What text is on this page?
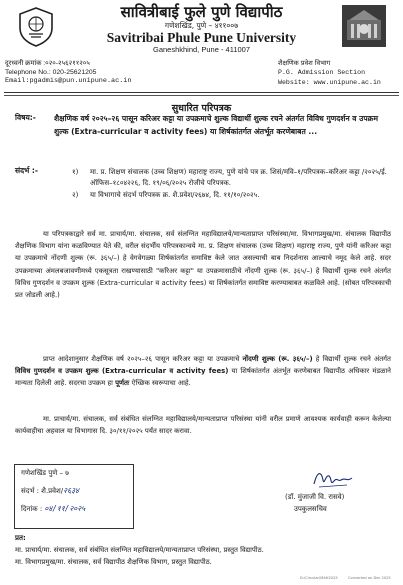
सावित्रीबाई फुले पुणे विद्यापीठ
गणेशखिंड, पुणे – ४११००७
Savitribai Phule Pune University
Ganeshkhind, Pune - 411007
दूरध्वनी क्रमांक :०२०-२५६२११२०५
Telephone No.: 020-25621205
Email:pgadmis@pun.unipune.ac.in
शैक्षणिक प्रवेश विभाग
P.G. Admission Section
Website: www.unipune.ac.in
सुधारित परिपत्रक
विषय:- शैक्षणिक वर्ष २०२५–२६ पासून करिअर कट्टा या उपक्रमाचे शुल्क विद्यार्थी शुल्क रचने अंतर्गत विविध गुणदर्शन व उपक्रम शुल्क (Extra-curricular व activity fees) या शिर्षकांतर्गत अंतर्भूत करणेबाबत ...
संदर्भ :-	१) मा. प्र. शिक्षण संचालक (उच्च शिक्षण) महाराष्ट्र राज्य, पुणे यांचे पत्र क्र. शिसं/मवि–१/परिपत्रक–करिअर कट्टा /२०२५/ई. ऑफिस–१८०४२२६, दि. १९/०६/२०२५ रोजीचे परिपत्रक.
२) या विभागाचे संदर्भ परिपत्रक क्र. शै.प्रवेश/२६७४, दि. ११/१०/२०२५.
या परिपत्रकाद्वारे सर्व मा. प्राचार्य/मा. संचालक, सर्व संलग्नित महाविद्यालये/मान्यताप्राप्त परिसंस्था/मा. विभागप्रमुख/मा. संचालक विद्यापीठ शैक्षणिक विभाग यांना कळविण्यात येते की, वरील संदर्भीय परिपत्रकान्वये मा. प्र. शिक्षण संचालक (उच्च शिक्षण) महाराष्ट्र राज्य, पुणे यांनी करिअर कट्टा या उपक्रमाचे नोंदणी शुल्क (रू. ३६५/–) हे वेगवेगळ्या शिर्षकांतर्गत समाविष्ट केले जात असल्याची बाब निदर्शनास आल्याचे नमूद केले आहे. सदर उपक्रमाच्या अंमलबजावणीमध्ये एकसूत्रता राखण्यासाठी "करिअर कट्टा" या उपक्रमासाठीचे नोंदणी शुल्क (रू. ३६५/–) हे विद्यार्थी शुल्क रचने अंतर्गत विविध गुणदर्शन व उपक्रम शुल्क (Extra-curricular व activity fees) या शिर्षकांतर्गत समाविष्ट करण्याबाबत कळविले आहे. (सोबत परिपत्रकाची प्रत जोडली आहे.)
प्राप्त आदेशानुसार शैक्षणिक वर्ष २०२५–२६ पासून करिअर कट्टा या उपक्रमाचे नोंदणी शुल्क (रू. ३६५/–) हे विद्यार्थी शुल्क रचने अंतर्गत विविध गुणदर्शन व उपक्रम शुल्क (Extra-curricular व activity fees) या शिर्षकांतर्गत अंतर्भूत करणेबाबत विद्यापीठ अधिकार मंडळाने मान्यता दिलेली आहे. सदरचा उपक्रम हा पूर्णतः ऐच्छिक स्वरूपाचा आहे.
मा. प्राचार्य/मा. संचालक, सर्व संबंधित संलग्नित महाविद्यालये/मान्यताप्राप्त परिसंस्था यांनी वरील प्रमाणे आवश्यक कार्यवाही करून केलेल्या कार्यवाहीचा अहवाल या विभागास दि. ३०/११/२०२५ पर्यंत सादर करावा.
(डॉ. मुंजाजी वि. रासवे)
उपकुलसचिव
गणेशखिंड पुणे – ७
संदर्भ : शै.प्रवेश/२६३४
दिनांक : ०४/११/२०२५
प्रत:
मा. प्राचार्य/मा. संचालक, सर्व संबंधित संलग्नित महाविद्यालये/मान्यताप्राप्त परिसंस्था, प्रस्तुत विद्यापीठ.
मा. विभागप्रमुख/मा. संचालक, सर्व विद्यापीठ शैक्षणिक विभाग, प्रस्तुत विद्यापीठ.
D:\Circular\MAH2025	Converted on Dec 2025
